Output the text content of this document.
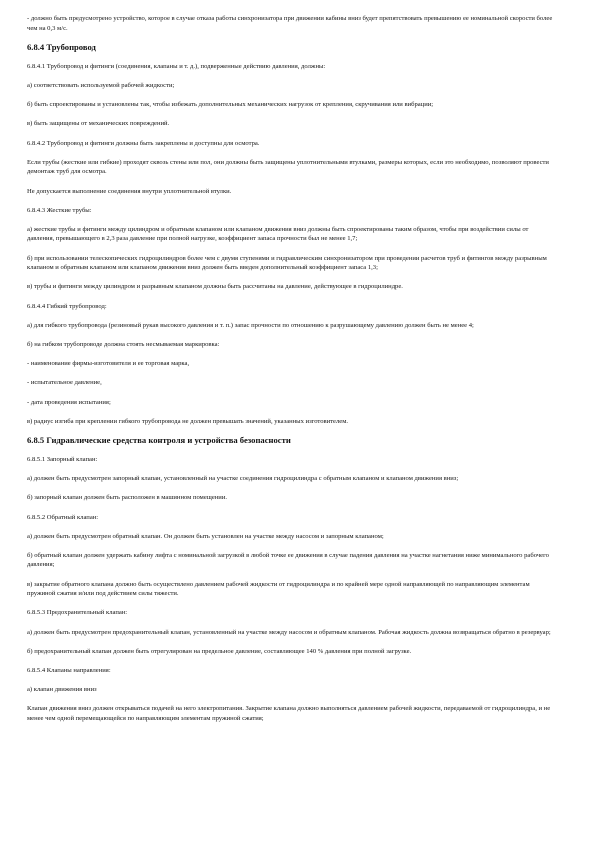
- должно быть предусмотрено устройство, которое в случае отказа работы синхронизатора при движении кабины вниз будет препятствовать превышению ее номинальной скорости более чем на 0,3 м/с.

6.8.4 Трубопровод

6.8.4.1 Трубопровод и фитинги (соединения, клапаны и т. д.), подверженные действию давления, должны:

а) соответствовать используемой рабочей жидкости;

б) быть спроектированы и установлены так, чтобы избежать дополнительных механических нагрузок от крепления, скручивания или вибрации;

в) быть защищены от механических повреждений.

6.8.4.2 Трубопровод и фитинги должны быть закреплены и доступны для осмотра.

Если трубы (жесткие или гибкие) проходят сквозь стены или пол, они должны быть защищены уплотнительными втулками, размеры которых, если это необходимо, позволяют провести демонтаж труб для осмотра.

Не допускается выполнение соединения внутри уплотнительной втулки.

6.8.4.3 Жесткие трубы:

а) жесткие трубы и фитинги между цилиндром и обратным клапаном или клапаном движения вниз должны быть спроектированы таким образом, чтобы при воздействии силы от давления, превышающего в 2,3 раза давление при полной нагрузке, коэффициент запаса прочности был не менее 1,7;

б) при использовании телескопических гидроцилиндров более чем с двумя ступенями и гидравлическим синхронизатором при проведении расчетов труб и фитингов между разрывным клапаном и обратным клапаном или клапаном движения вниз должен быть введен дополнительный коэффициент запаса 1,3;

в) трубы и фитинги между цилиндром и разрывным клапаном должны быть рассчитаны на давление, действующее в гидроцилиндре.

6.8.4.4 Гибкий трубопровод:

а) для гибкого трубопровода (резиновый рукав высокого давления и т. п.) запас прочности по отношению к разрушающему давлению должен быть не менее 4;

б) на гибком трубопроводе должна стоять несмываемая маркировка:

- наименование фирмы-изготовителя и ее торговая марка,

- испытательное давление,

- дата проведения испытания;

в) радиус изгиба при креплении гибкого трубопровода не должен превышать значений, указанных изготовителем.

6.8.5 Гидравлические средства контроля и устройства безопасности

6.8.5.1 Запорный клапан:

а) должен быть предусмотрен запорный клапан, установленный на участке соединения гидроцилиндра с обратным клапаном и клапаном движения вниз;

б) запорный клапан должен быть расположен в машинном помещении.

6.8.5.2 Обратный клапан:

а) должен быть предусмотрен обратный клапан. Он должен быть установлен на участке между насосом и запорным клапаном;

б) обратный клапан должен удержать кабину лифта с номинальной загрузкой в любой точке ее движения в случае падения давления на участке нагнетания ниже минимального рабочего давления;

в) закрытие обратного клапана должно быть осуществлено давлением рабочей жидкости от гидроцилиндра и по крайней мере одной направляющей по направляющим элементам пружиной сжатия и/или под действием силы тяжести.

6.8.5.3 Предохранительный клапан:

а) должен быть предусмотрен предохранительный клапан, установленный на участке между насосом и обратным клапаном. Рабочая жидкость должна возвращаться обратно в резервуар;

б) предохранительный клапан должен быть отрегулирован на предельное давление, составляющее 140 % давления при полной загрузке.

6.8.5.4 Клапаны направления:

а) клапан движения вниз

Клапан движения вниз должен открываться подачей на него электропитания. Закрытие клапана должно выполняться давлением рабочей жидкости, передаваемой от гидроцилиндра, и не менее чем одной перемещающейся по направляющим элементам пружиной сжатия;
